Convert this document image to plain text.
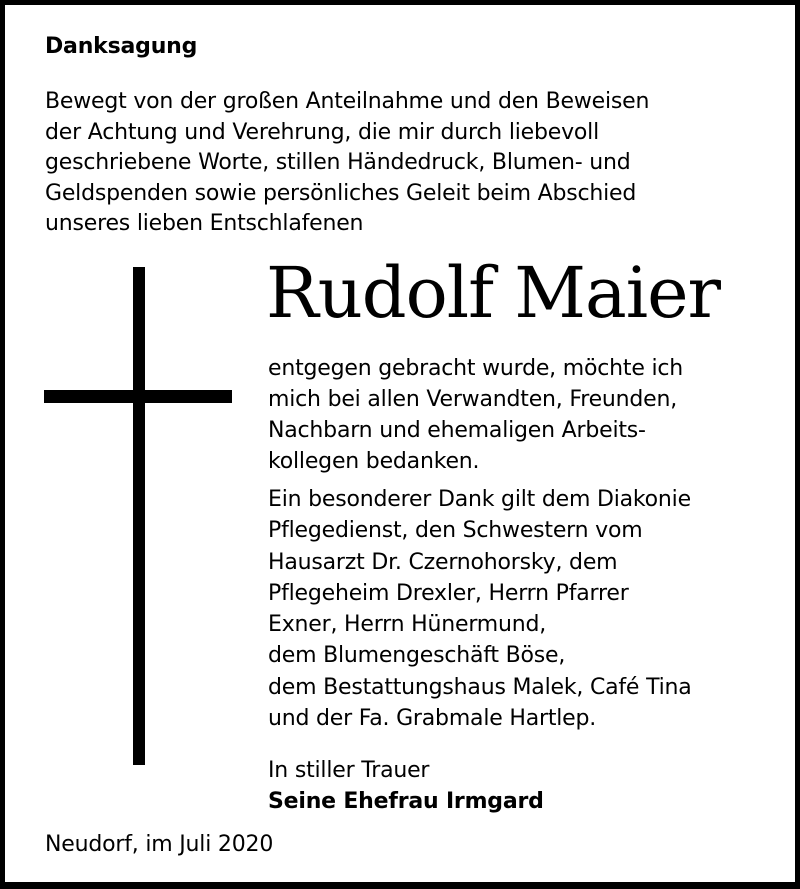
Danksagung
Bewegt von der großen Anteilnahme und den Beweisen
der Achtung und Verehrung, die mir durch liebevoll
geschriebene Worte, stillen Händedruck, Blumen- und
Geldspenden sowie persönliches Geleit beim Abschied
unseres lieben Entschlafenen
Rudolf Maier
entgegen gebracht wurde, möchte ich
mich bei allen Verwandten, Freunden,
Nachbarn und ehemaligen Arbeits-
kollegen bedanken.
Ein besonderer Dank gilt dem Diakonie
Pflegedienst, den Schwestern vom
Hausarzt Dr. Czernohorsky, dem
Pflegeheim Drexler, Herrn Pfarrer
Exner, Herrn Hünermund,
dem Blumengeschäft Böse,
dem Bestattungshaus Malek, Café Tina
und der Fa. Grabmale Hartlep.
In stiller Trauer
Seine Ehefrau Irmgard
Neudorf, im Juli 2020
